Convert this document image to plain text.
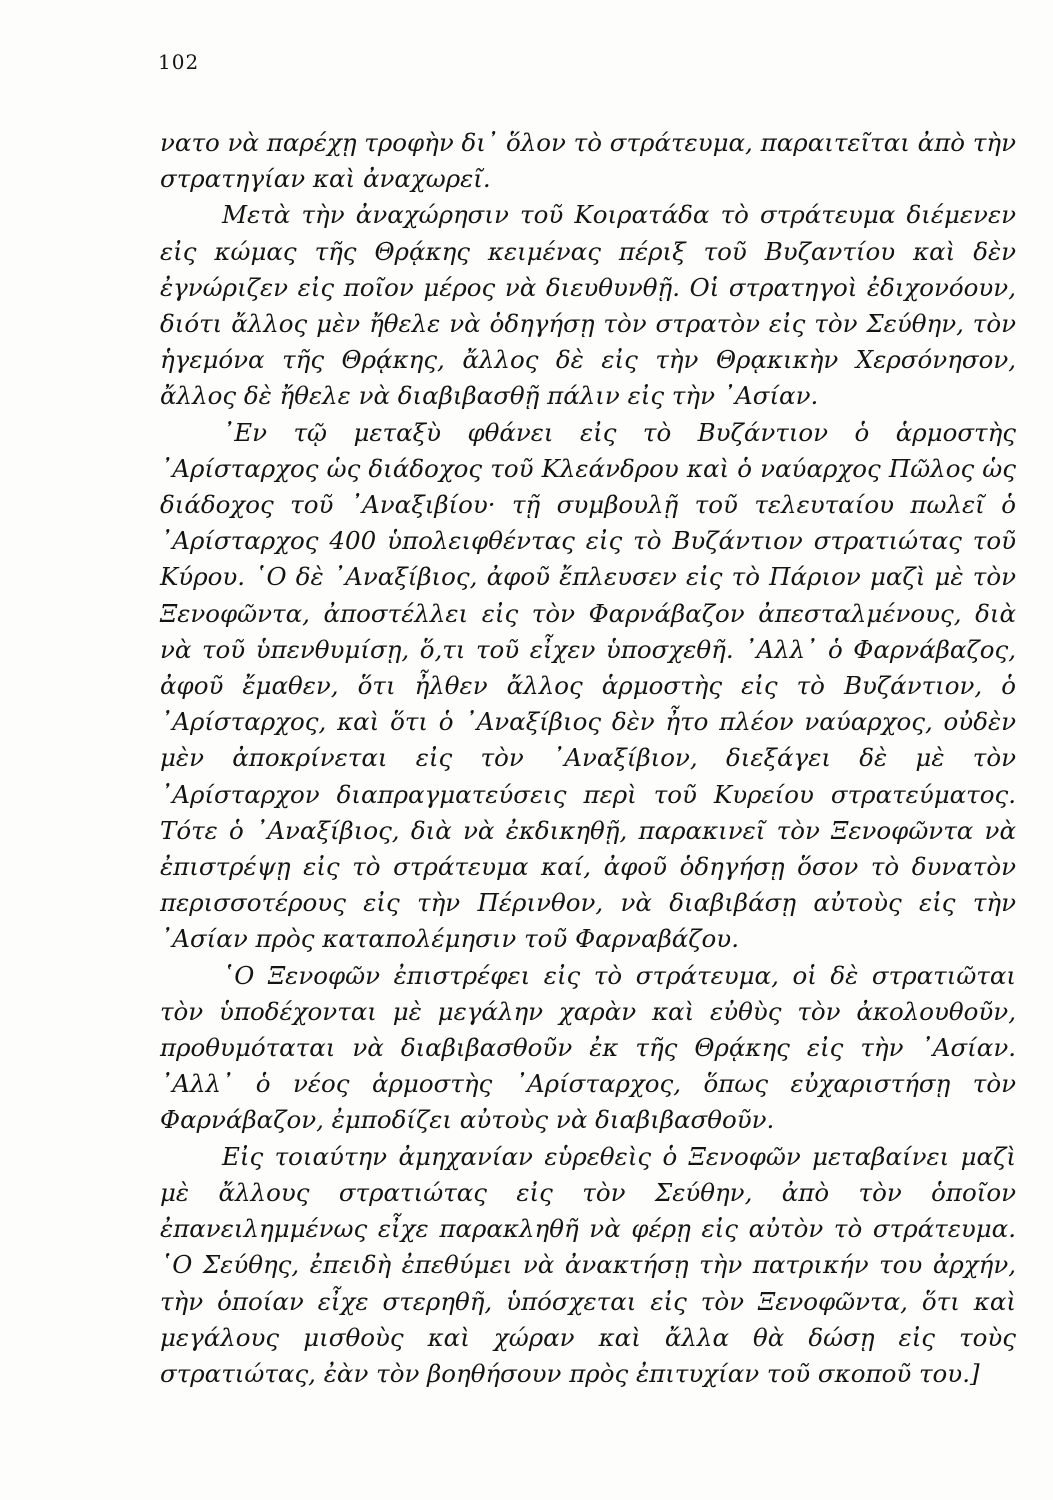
102

νατο νὰ παρέχῃ τροφὴν δι᾽ ὅλον τὸ στράτευμα, παραιτεῖται ἀπὸ τὴν στρατηγίαν καὶ ἀναχωρεῖ.

Μετὰ τὴν ἀναχώρησιν τοῦ Κοιρατάδα τὸ στράτευμα διέμενεν εἰς κώμας τῆς Θρᾴκης κειμένας πέριξ τοῦ Βυζαντίου καὶ δὲν ἐγνώριζεν εἰς ποῖον μέρος νὰ διευθυνθῇ. Οἱ στρατηγοὶ ἐδιχονόουν, διότι ἄλλος μὲν ἤθελε νὰ ὁδηγήσῃ τὸν στρατὸν εἰς τὸν Σεύθην, τὸν ἡγεμόνα τῆς Θρᾴκης, ἄλλος δὲ εἰς τὴν Θρᾳκικὴν Χερσόνησον, ἄλλος δὲ ἤθελε νὰ διαβιβασθῇ πάλιν εἰς τὴν ᾿Ασίαν.

᾿Εν τῷ μεταξὺ φθάνει εἰς τὸ Βυζάντιον ὁ ἁρμοστὴς ᾿Αρίσταρχος ὡς διάδοχος τοῦ Κλεάνδρου καὶ ὁ ναύαρχος Πῶλος ὡς διάδοχος τοῦ ᾿Αναξιβίου· τῇ συμβουλῇ τοῦ τελευταίου πωλεῖ ὁ ᾿Αρίσταρχος 400 ὑπολειφθέντας εἰς τὸ Βυζάντιον στρατιώτας τοῦ Κύρου. ῾Ο δὲ ᾿Αναξίβιος, ἀφοῦ ἔπλευσεν εἰς τὸ Πάριον μαζὶ μὲ τὸν Ξενοφῶντα, ἀποστέλλει εἰς τὸν Φαρνάβαζον ἀπεσταλμένους, διὰ νὰ τοῦ ὑπενθυμίσῃ, ὅ,τι τοῦ εἶχεν ὑποσχεθῆ. ᾿Αλλ᾽ ὁ Φαρνάβαζος, ἀφοῦ ἔμαθεν, ὅτι ἦλθεν ἄλλος ἁρμοστὴς εἰς τὸ Βυζάντιον, ὁ ᾿Αρίσταρχος, καὶ ὅτι ὁ ᾿Αναξίβιος δὲν ἦτο πλέον ναύαρχος, οὐδὲν μὲν ἀποκρίνεται εἰς τὸν ᾿Αναξίβιον, διεξάγει δὲ μὲ τὸν ᾿Αρίσταρχον διαπραγματεύσεις περὶ τοῦ Κυρείου στρατεύματος. Τότε ὁ ᾿Αναξίβιος, διὰ νὰ ἐκδικηθῇ, παρακινεῖ τὸν Ξενοφῶντα νὰ ἐπιστρέψῃ εἰς τὸ στράτευμα καί, ἀφοῦ ὁδηγήσῃ ὅσον τὸ δυνατὸν περισσοτέρους εἰς τὴν Πέρινθον, νὰ διαβιβάσῃ αὐτοὺς εἰς τὴν ᾿Ασίαν πρὸς καταπολέμησιν τοῦ Φαρναβάζου.

῾Ο Ξενοφῶν ἐπιστρέφει εἰς τὸ στράτευμα, οἱ δὲ στρατιῶται τὸν ὑποδέχονται μὲ μεγάλην χαρὰν καὶ εὐθὺς τὸν ἀκολουθοῦν, προθυμόταται νὰ διαβιβασθοῦν ἐκ τῆς Θρᾴκης εἰς τὴν ᾿Ασίαν. ᾿Αλλ᾽ ὁ νέος ἁρμοστὴς ᾿Αρίσταρχος, ὅπως εὐχαριστήσῃ τὸν Φαρνάβαζον, ἐμποδίζει αὐτοὺς νὰ διαβιβασθοῦν.

Εἰς τοιαύτην ἀμηχανίαν εὑρεθεὶς ὁ Ξενοφῶν μεταβαίνει μαζὶ μὲ ἄλλους στρατιώτας εἰς τὸν Σεύθην, ἀπὸ τὸν ὁποῖον ἐπανειλημμένως εἶχε παρακληθῆ νὰ φέρῃ εἰς αὐτὸν τὸ στράτευμα. ῾Ο Σεύθης, ἐπειδὴ ἐπεθύμει νὰ ἀνακτήσῃ τὴν πατρικήν του ἀρχήν, τὴν ὁποίαν εἶχε στερηθῆ, ὑπόσχεται εἰς τὸν Ξενοφῶντα, ὅτι καὶ μεγάλους μισθοὺς καὶ χώραν καὶ ἄλλα θὰ δώσῃ εἰς τοὺς στρατιώτας, ἐὰν τὸν βοηθήσουν πρὸς ἐπιτυχίαν τοῦ σκοποῦ του.]
